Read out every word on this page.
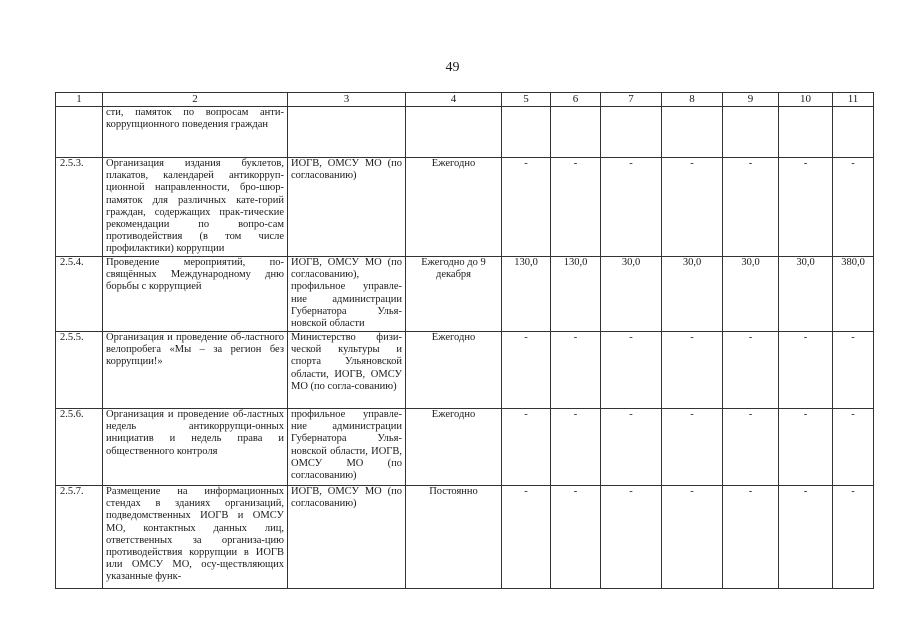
49
1	2	3	4	5	6	7	8	9	10	11
	сти, памяток по вопросам анти-коррупционного поведения граждан									
2.5.3.	Организация издания буклетов, плакатов, календарей антикорруп-ционной направленности, бро-шюр-памяток для различных кате-горий граждан, содержащих прак-тические рекомендации по вопро-сам противодействия (в том числе профилактики) коррупции	ИОГВ, ОМСУ МО (по согласованию)	Ежегодно	-	-	-	-	-	-	-
2.5.4.	Проведение мероприятий, по-свящённых Международному дню борьбы с коррупцией	ИОГВ, ОМСУ МО (по согласованию), профильное управле-ние администрации Губернатора Улья-новской области	Ежегодно до 9 декабря	130,0	130,0	30,0	30,0	30,0	30,0	380,0
2.5.5.	Организация и проведение об-ластного велопробега «Мы – за регион без коррупции!»	Министерство физи-ческой культуры и спорта Ульяновской области, ИОГВ, ОМСУ МО (по согла-сованию)	Ежегодно	-	-	-	-	-	-	-
2.5.6.	Организация и проведение об-ластных недель антикоррупци-онных инициатив и недель права и общественного контроля	профильное управле-ние администрации Губернатора Улья-новской области, ИОГВ, ОМСУ МО (по согласованию)	Ежегодно	-	-	-	-	-	-	-
2.5.7.	Размещение на информационных стендах в зданиях организаций, подведомственных ИОГВ и ОМСУ МО, контактных данных лиц, ответственных за организа-цию противодействия коррупции в ИОГВ или ОМСУ МО, осу-ществляющих указанные функ-	ИОГВ, ОМСУ МО (по согласованию)	Постоянно	-	-	-	-	-	-	-
